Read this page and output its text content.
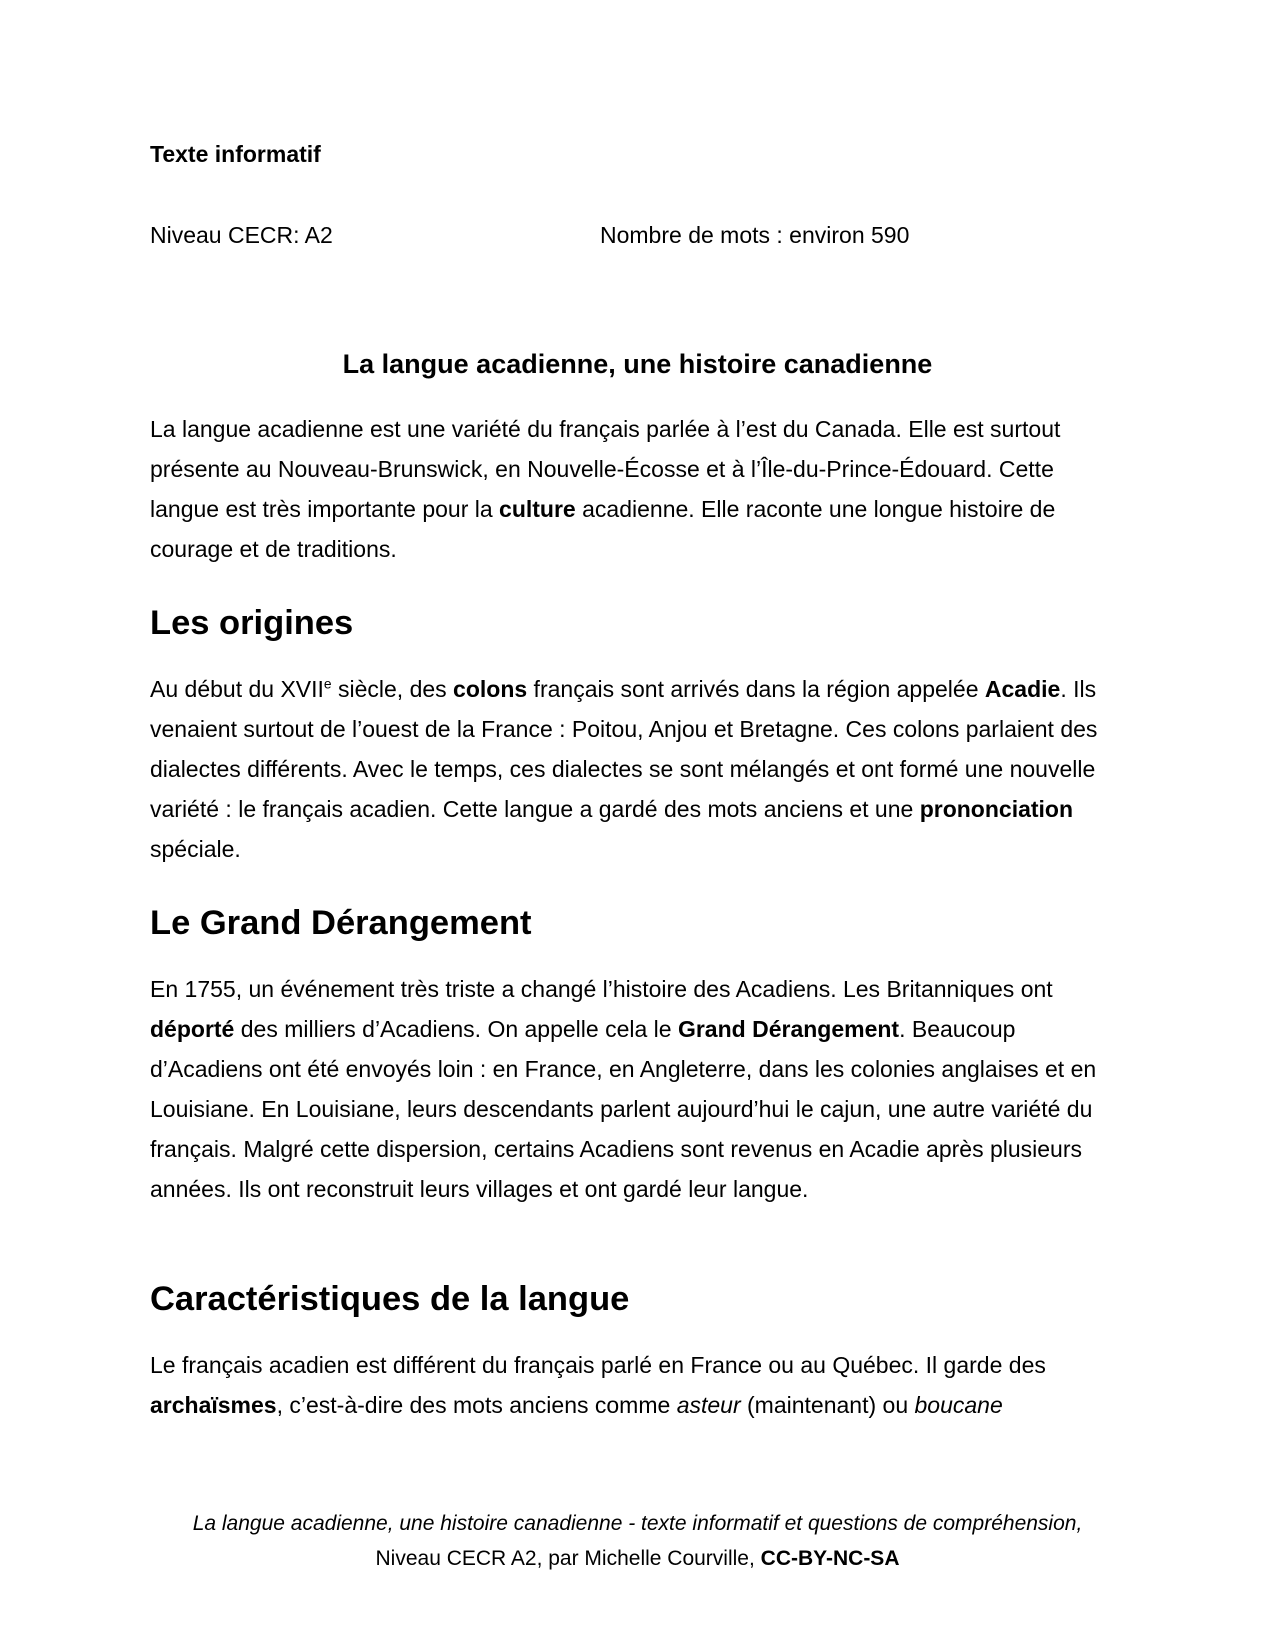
Texte informatif
Niveau CECR: A2	Nombre de mots : environ 590
La langue acadienne, une histoire canadienne

La langue acadienne est une variété du français parlée à l’est du Canada. Elle est surtout présente au Nouveau-Brunswick, en Nouvelle-Écosse et à l’Île-du-Prince-Édouard. Cette langue est très importante pour la culture acadienne. Elle raconte une longue histoire de courage et de traditions.

Les origines

Au début du XVIIe siècle, des colons français sont arrivés dans la région appelée Acadie. Ils venaient surtout de l’ouest de la France : Poitou, Anjou et Bretagne. Ces colons parlaient des dialectes différents. Avec le temps, ces dialectes se sont mélangés et ont formé une nouvelle variété : le français acadien. Cette langue a gardé des mots anciens et une prononciation spéciale.

Le Grand Dérangement

En 1755, un événement très triste a changé l’histoire des Acadiens. Les Britanniques ont déporté des milliers d’Acadiens. On appelle cela le Grand Dérangement. Beaucoup d’Acadiens ont été envoyés loin : en France, en Angleterre, dans les colonies anglaises et en Louisiane. En Louisiane, leurs descendants parlent aujourd’hui le cajun, une autre variété du français. Malgré cette dispersion, certains Acadiens sont revenus en Acadie après plusieurs années. Ils ont reconstruit leurs villages et ont gardé leur langue.

Caractéristiques de la langue

Le français acadien est différent du français parlé en France ou au Québec. Il garde des archaïsmes, c’est-à-dire des mots anciens comme asteur (maintenant) ou boucane

La langue acadienne, une histoire canadienne - texte informatif et questions de compréhension,
Niveau CECR A2, par Michelle Courville, CC-BY-NC-SA
